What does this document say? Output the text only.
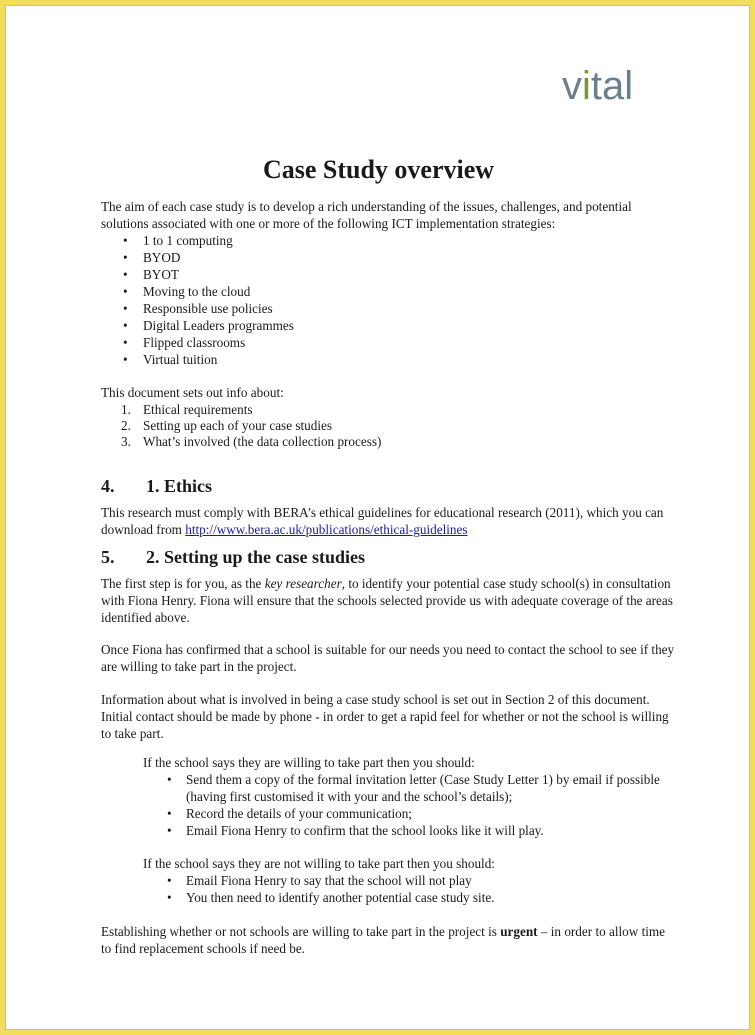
vital
Case Study overview

The aim of each case study is to develop a rich understanding of the issues, challenges, and potential solutions associated with one or more of the following ICT implementation strategies:

• 1 to 1 computing
• BYOD
• BYOT
• Moving to the cloud
• Responsible use policies
• Digital Leaders programmes
• Flipped classrooms
• Virtual tuition

This document sets out info about:

1. Ethical requirements
2. Setting up each of your case studies
3. What’s involved (the data collection process)
4. 1. Ethics

This research must comply with BERA’s ethical guidelines for educational research (2011), which you can download from http://www.bera.ac.uk/publications/ethical-guidelines

5. 2. Setting up the case studies

The first step is for you, as the key researcher, to identify your potential case study school(s) in consultation with Fiona Henry. Fiona will ensure that the schools selected provide us with adequate coverage of the areas identified above.

Once Fiona has confirmed that a school is suitable for our needs you need to contact the school to see if they are willing to take part in the project.

Information about what is involved in being a case study school is set out in Section 2 of this document. Initial contact should be made by phone - in order to get a rapid feel for whether or not the school is willing to take part.

If the school says they are willing to take part then you should:

• Send them a copy of the formal invitation letter (Case Study Letter 1) by email if possible (having first customised it with your and the school’s details);
• Record the details of your communication;
• Email Fiona Henry to confirm that the school looks like it will play.

If the school says they are not willing to take part then you should:

• Email Fiona Henry to say that the school will not play
• You then need to identify another potential case study site.

Establishing whether or not schools are willing to take part in the project is urgent – in order to allow time to find replacement schools if need be.
